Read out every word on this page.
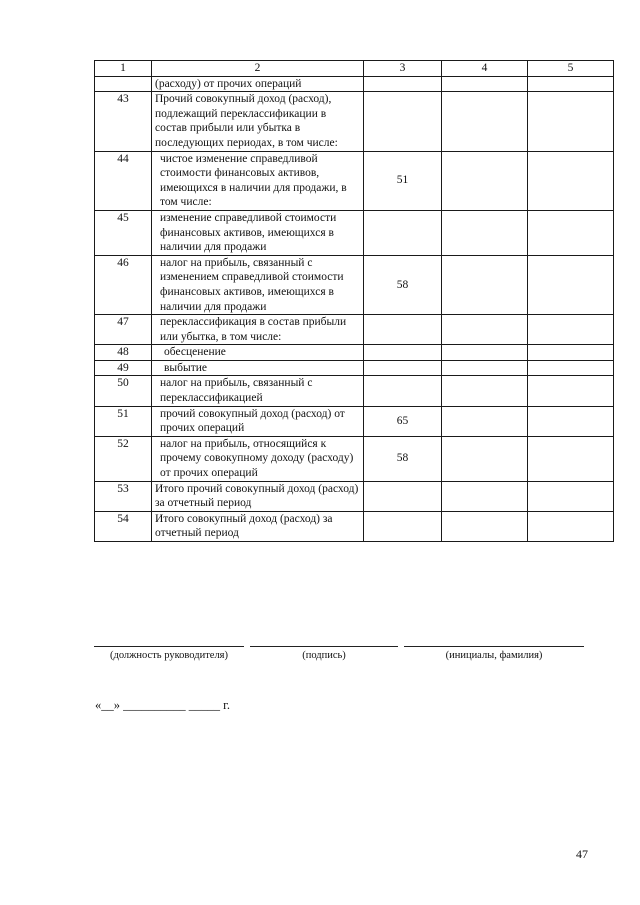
1	2	3	4	5
	(расходу) от прочих операций			
43	Прочий совокупный доход (расход), подлежащий переклассификации в состав прибыли или убытка в последующих периодах, в том числе:			
44	чистое изменение справедливой стоимости финансовых активов, имеющихся в наличии для продажи, в том числе:	51		
45	изменение справедливой стоимости финансовых активов, имеющихся в наличии для продажи			
46	налог на прибыль, связанный с изменением справедливой стоимости финансовых активов, имеющихся в наличии для продажи	58		
47	переклассификация в состав прибыли или убытка, в том числе:			
48	обесценение			
49	выбытие			
50	налог на прибыль, связанный с переклассификацией			
51	прочий совокупный доход (расход) от прочих операций	65		
52	налог на прибыль, относящийся к прочему совокупному доходу (расходу) от прочих операций	58		
53	Итого прочий совокупный доход (расход) за отчетный период			
54	Итого совокупный доход (расход) за отчетный период			
(должность руководителя)	(подпись)	(инициалы, фамилия)
«__» __________ _____ г.
47
